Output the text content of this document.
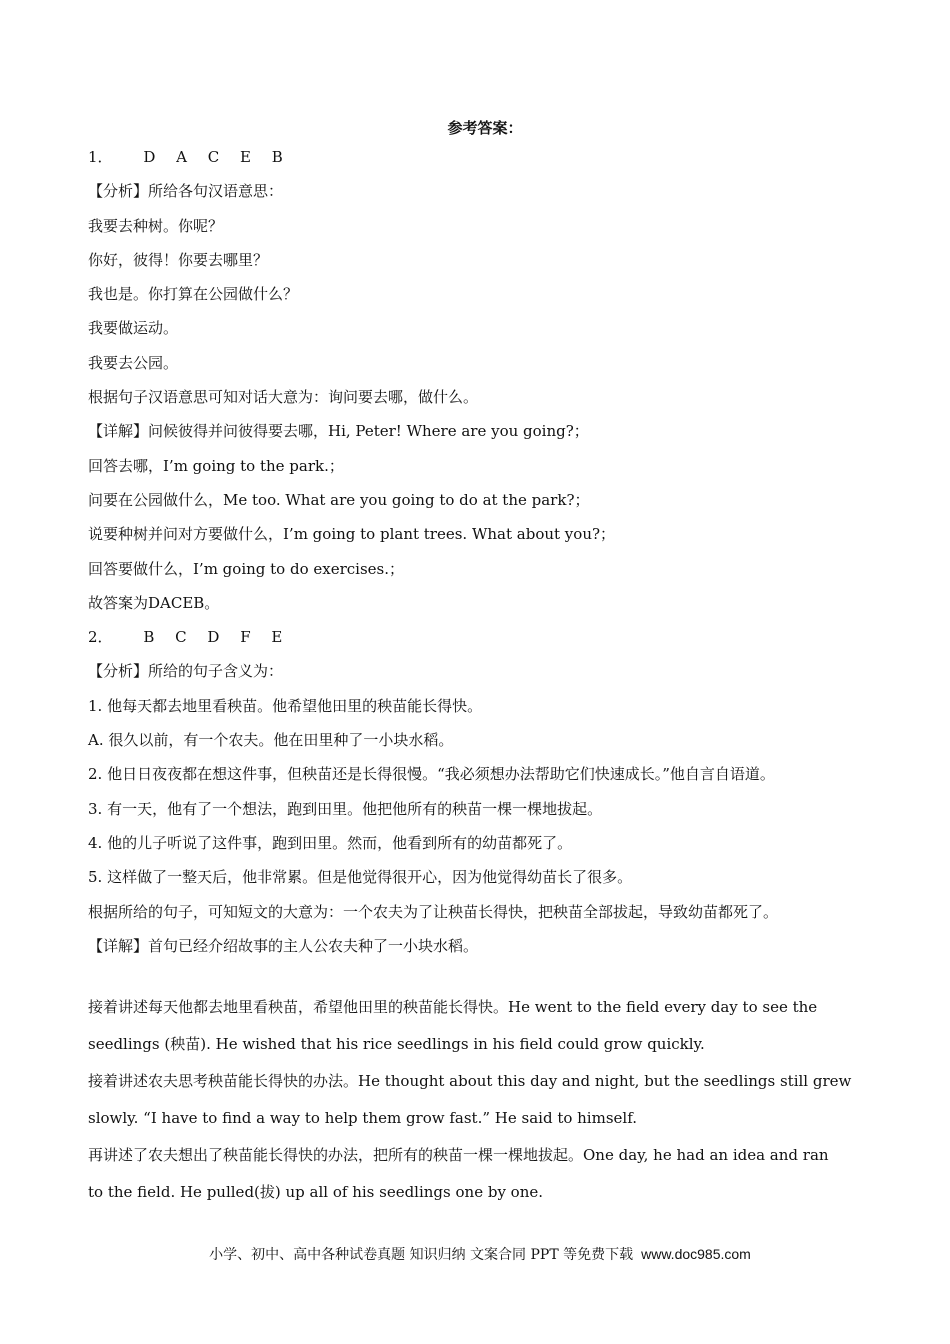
参考答案：
1． D A C E B
【分析】所给各句汉语意思：
我要去种树。你呢？
你好，彼得！你要去哪里？
我也是。你打算在公园做什么？
我要做运动。
我要去公园。
根据句子汉语意思可知对话大意为：询问要去哪，做什么。
【详解】问候彼得并问彼得要去哪，Hi, Peter! Where are you going?；
回答去哪，I’m going to the park.；
问要在公园做什么，Me too. What are you going to do at the park?；
说要种树并问对方要做什么，I’m going to plant trees. What about you?；
回答要做什么，I’m going to do exercises.；
故答案为DACEB。
2． B C D F E
【分析】所给的句子含义为：
1. 他每天都去地里看秧苗。他希望他田里的秧苗能长得快。
A. 很久以前，有一个农夫。他在田里种了一小块水稻。
2. 他日日夜夜都在想这件事，但秧苗还是长得很慢。“我必须想办法帮助它们快速成长。”他自言自语道。
3. 有一天，他有了一个想法，跑到田里。他把他所有的秧苗一棵一棵地拔起。
4. 他的儿子听说了这件事，跑到田里。然而，他看到所有的幼苗都死了。
5. 这样做了一整天后，他非常累。但是他觉得很开心，因为他觉得幼苗长了很多。
根据所给的句子，可知短文的大意为：一个农夫为了让秧苗长得快，把秧苗全部拔起，导致幼苗都死了。
【详解】首句已经介绍故事的主人公农夫种了一小块水稻。
接着讲述每天他都去地里看秧苗，希望他田里的秧苗能长得快。He went to the field every day to see the
seedlings (秧苗). He wished that his rice seedlings in his field could grow quickly.
接着讲述农夫思考秧苗能长得快的办法。He thought about this day and night, but the seedlings still grew
slowly. “I have to find a way to help them grow fast.” He said to himself.
再讲述了农夫想出了秧苗能长得快的办法，把所有的秧苗一棵一棵地拔起。One day, he had an idea and ran
to the field. He pulled(拔) up all of his seedlings one by one.
小学、初中、高中各种试卷真题 知识归纳 文案合同 PPT 等免费下载 www.doc985.com
